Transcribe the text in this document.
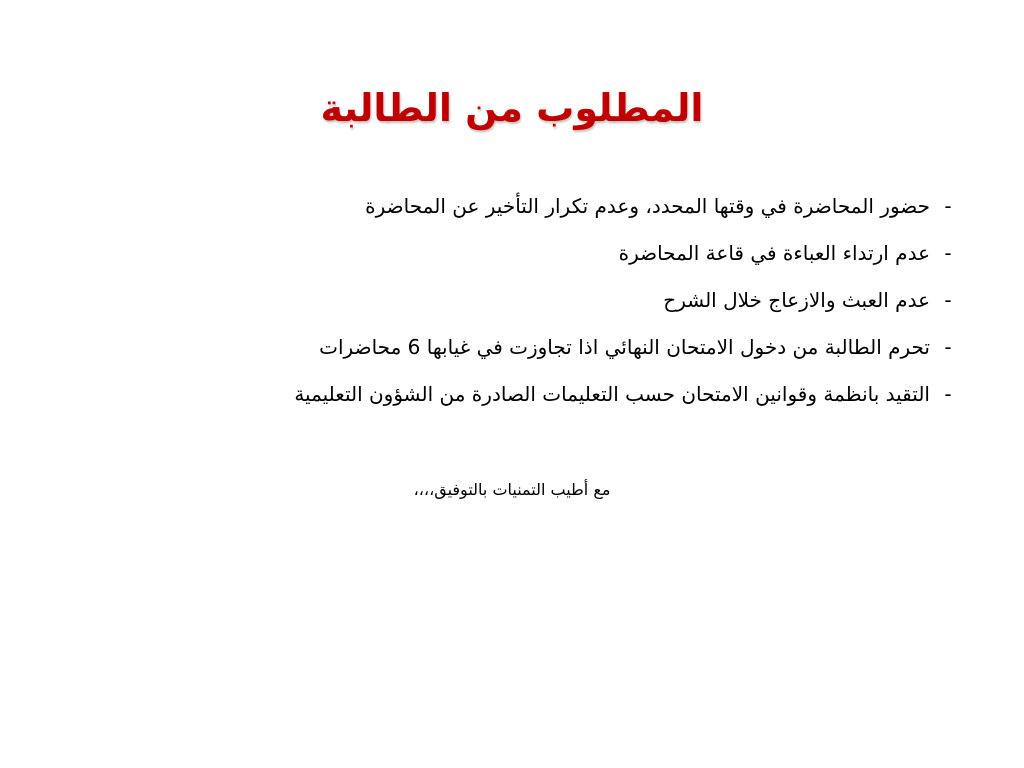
المطلوب من الطالبة
-
حضور المحاضرة في وقتها المحدد، وعدم تكرار التأخير عن المحاضرة
-
عدم ارتداء العباءة في قاعة المحاضرة
-
عدم العبث والازعاج خلال الشرح
-
تحرم الطالبة من دخول الامتحان النهائي اذا تجاوزت في غيابها 6 محاضرات
-
التقيد بانظمة وقوانين الامتحان حسب التعليمات الصادرة من الشؤون التعليمية

مع أطيب التمنيات بالتوفيق،،،،
